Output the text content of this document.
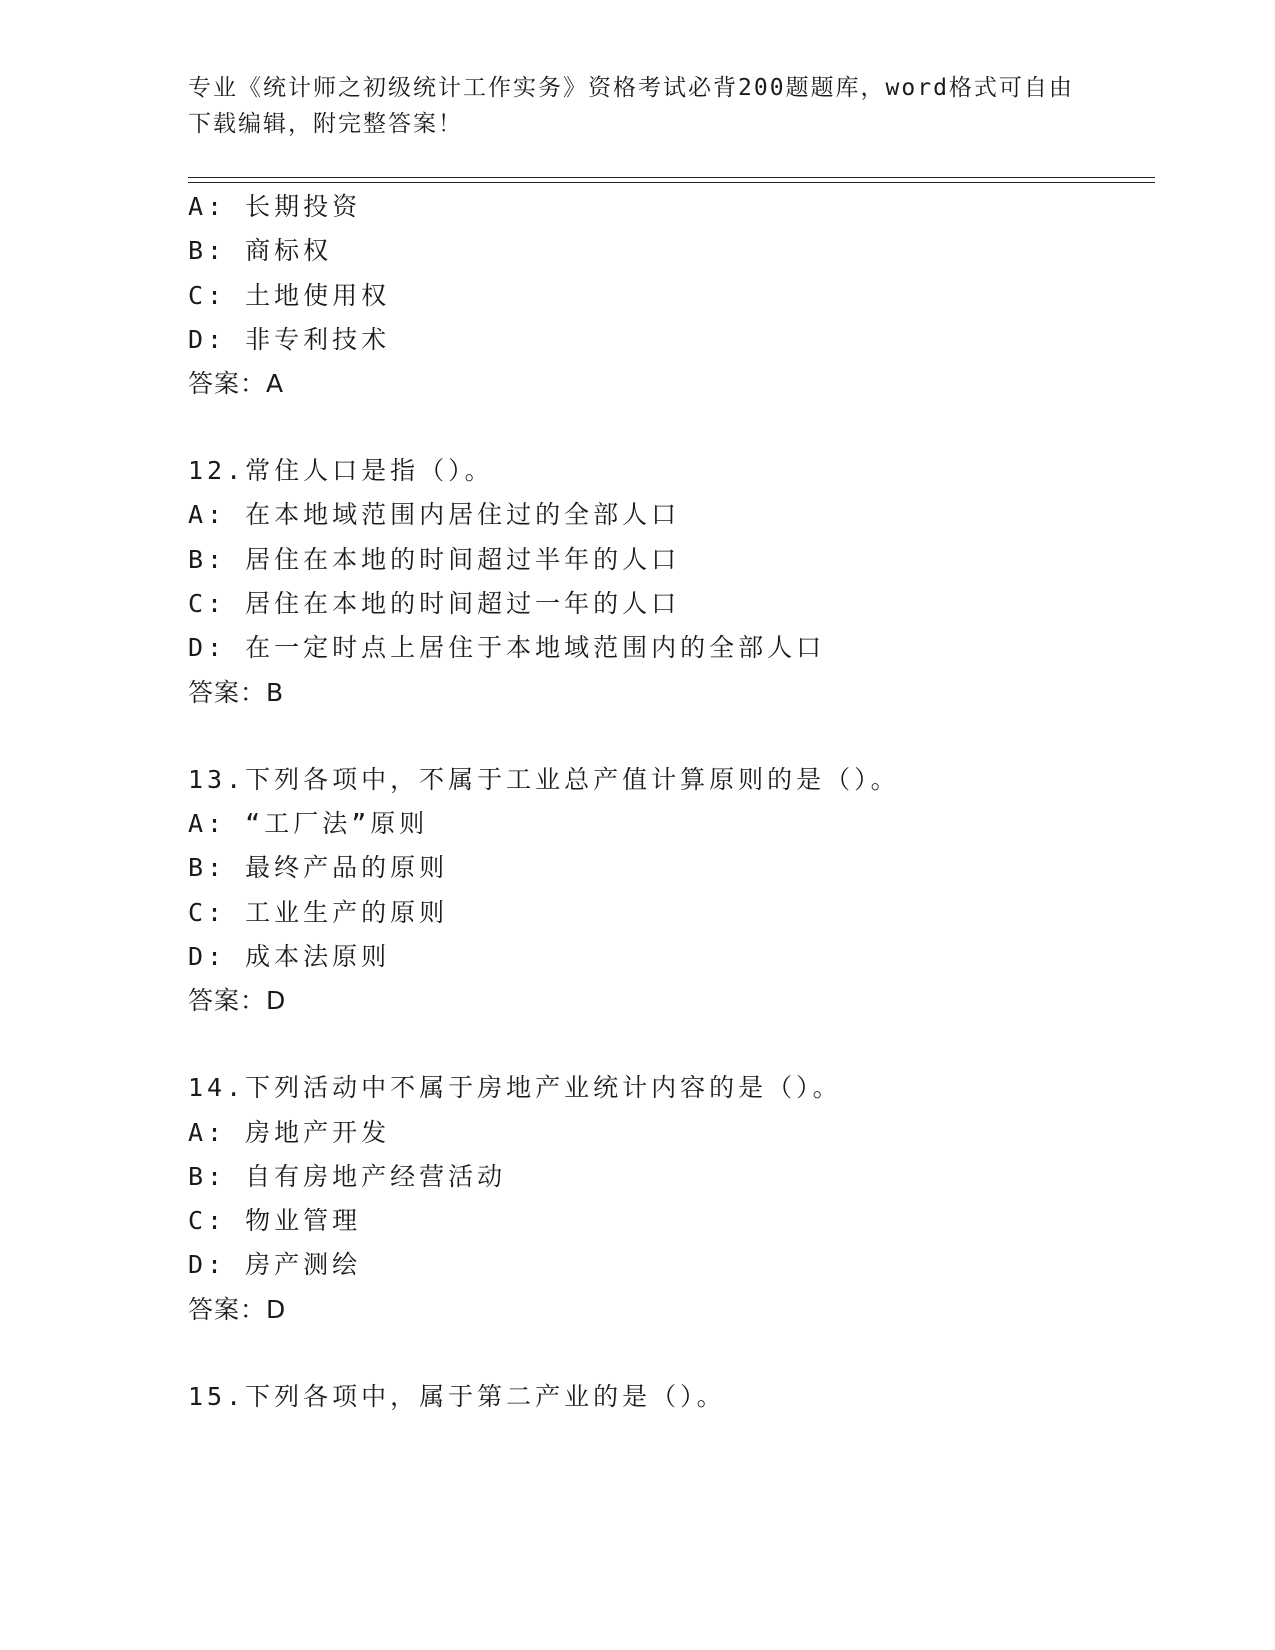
专业《统计师之初级统计工作实务》资格考试必背200题题库，word格式可自由
下载编辑，附完整答案！
A: 长期投资
B: 商标权
C: 土地使用权
D: 非专利技术
答案：A
12.常住人口是指（）。
A: 在本地域范围内居住过的全部人口
B: 居住在本地的时间超过半年的人口
C: 居住在本地的时间超过一年的人口
D: 在一定时点上居住于本地域范围内的全部人口
答案：B
13.下列各项中，不属于工业总产值计算原则的是（）。
A: “工厂法”原则
B: 最终产品的原则
C: 工业生产的原则
D: 成本法原则
答案：D
14.下列活动中不属于房地产业统计内容的是（）。
A: 房地产开发
B: 自有房地产经营活动
C: 物业管理
D: 房产测绘
答案：D
15.下列各项中，属于第二产业的是（）。
